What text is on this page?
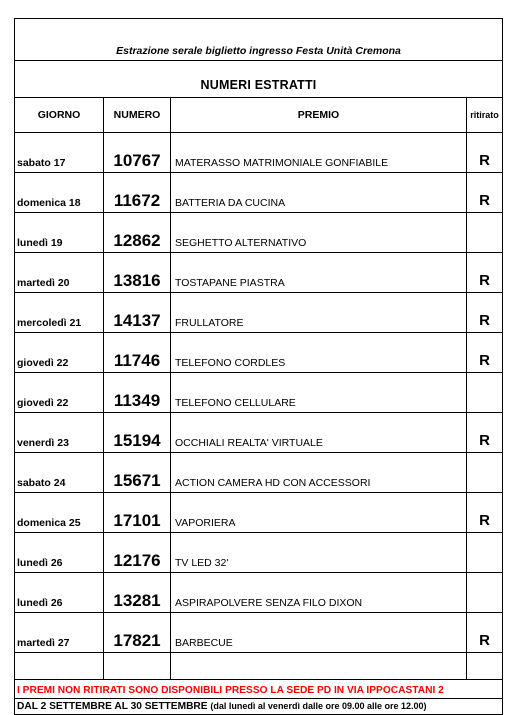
Estrazione serale biglietto ingresso Festa Unità Cremona			
NUMERI ESTRATTI			
GIORNO	NUMERO	PREMIO	ritirato
sabato 17	10767	MATERASSO MATRIMONIALE GONFIABILE	R
domenica 18	11672	BATTERIA DA CUCINA	R
lunedì 19	12862	SEGHETTO ALTERNATIVO	
martedì 20	13816	TOSTAPANE PIASTRA	R
mercoledì 21	14137	FRULLATORE	R
giovedì 22	11746	TELEFONO CORDLES	R
giovedì 22	11349	TELEFONO CELLULARE	
venerdì 23	15194	OCCHIALI REALTA' VIRTUALE	R
sabato 24	15671	ACTION CAMERA HD CON ACCESSORI	
domenica 25	17101	VAPORIERA	R
lunedì 26	12176	TV LED 32'	
lunedì 26	13281	ASPIRAPOLVERE SENZA FILO DIXON	
martedì 27	17821	BARBECUE	R

I PREMI NON RITIRATI SONO DISPONIBILI PRESSO LA SEDE PD IN VIA IPPOCASTANI 2			
DAL 2 SETTEMBRE AL 30 SETTEMBRE (dal lunedì al venerdì dalle ore 09.00 alle ore 12.00)			
